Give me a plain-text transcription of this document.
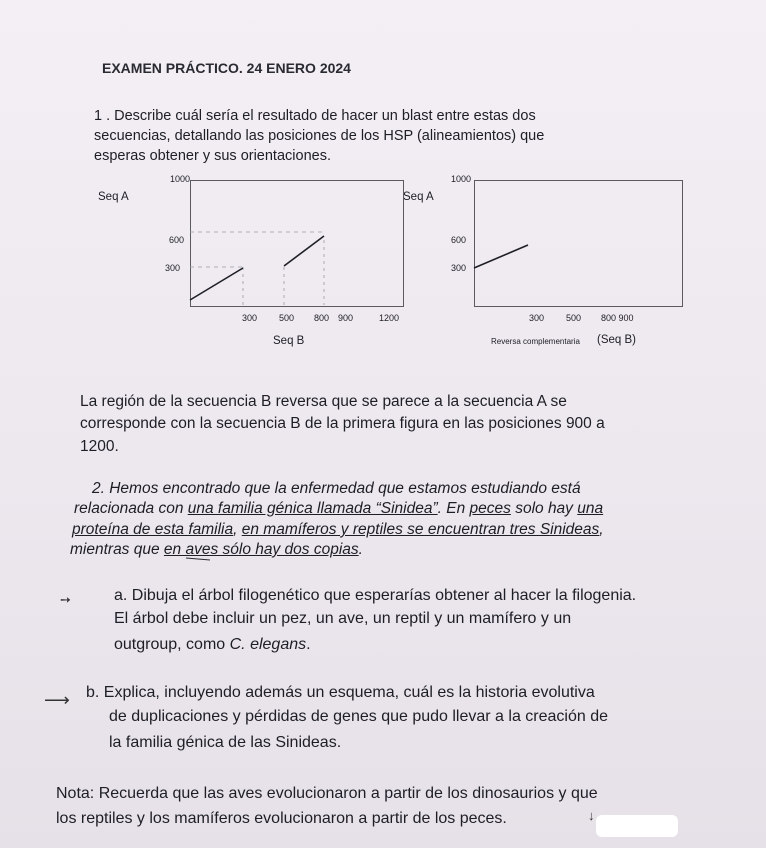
EXAMEN PRÁCTICO. 24 ENERO 2024
1 . Describe cuál sería el resultado de hacer un blast entre estas dos
secuencias, detallando las posiciones de los HSP (alineamientos) que
esperas obtener y sus orientaciones.
Seq A	Seq A
1000
600
300
300 500 800 900	1200
Seq B
1000
600
300
300 500 800 900
Reversa complementaria (Seq B)
La región de la secuencia B reversa que se parece a la secuencia A se
corresponde con la secuencia B de la primera figura en las posiciones 900 a
1200.
2. Hemos encontrado que la enfermedad que estamos estudiando está
relacionada con una familia génica llamada “Sinidea”. En peces solo hay una
proteína de esta familia, en mamíferos y reptiles se encuentran tres Sinideas,
mientras que en aves sólo hay dos copias.
➙	a. Dibuja el árbol filogenético que esperarías obtener al hacer la filogenia.
El árbol debe incluir un pez, un ave, un reptil y un mamífero y un
outgroup, como C. elegans.
⟶ b. Explica, incluyendo además un esquema, cuál es la historia evolutiva
de duplicaciones y pérdidas de genes que pudo llevar a la creación de
la familia génica de las Sinideas.
Nota: Recuerda que las aves evolucionaron a partir de los dinosaurios y que
los reptiles y los mamíferos evolucionaron a partir de los peces.	↓
